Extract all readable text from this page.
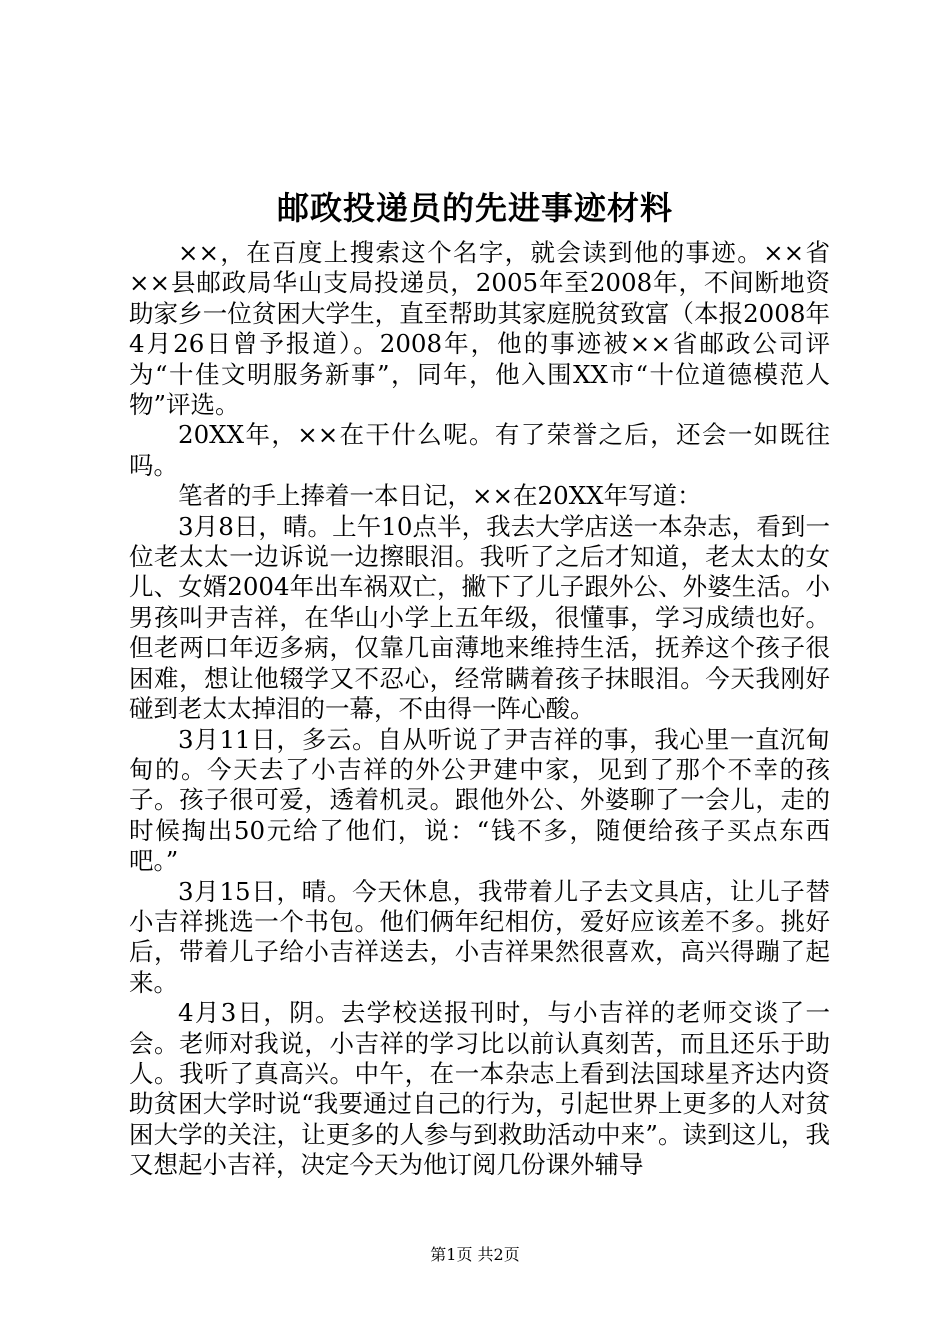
邮政投递员的先进事迹材料

××，在百度上搜索这个名字，就会读到他的事迹。××省××县邮政局华山支局投递员，2005年至2008年，不间断地资助家乡一位贫困大学生，直至帮助其家庭脱贫致富（本报2008年4月26日曾予报道）。2008年，他的事迹被××省邮政公司评为“十佳文明服务新事”，同年，他入围XX市“十位道德模范人物”评选。

20XX年，××在干什么呢。有了荣誉之后，还会一如既往吗。

笔者的手上捧着一本日记，××在20XX年写道：

3月8日，晴。上午10点半，我去大学店送一本杂志，看到一位老太太一边诉说一边擦眼泪。我听了之后才知道，老太太的女儿、女婿2004年出车祸双亡，撇下了儿子跟外公、外婆生活。小男孩叫尹吉祥，在华山小学上五年级，很懂事，学习成绩也好。但老两口年迈多病，仅靠几亩薄地来维持生活，抚养这个孩子很困难，想让他辍学又不忍心，经常瞒着孩子抹眼泪。今天我刚好碰到老太太掉泪的一幕，不由得一阵心酸。

3月11日，多云。自从听说了尹吉祥的事，我心里一直沉甸甸的。今天去了小吉祥的外公尹建中家，见到了那个不幸的孩子。孩子很可爱，透着机灵。跟他外公、外婆聊了一会儿，走的时候掏出50元给了他们，说：“钱不多，随便给孩子买点东西吧。”

3月15日，晴。今天休息，我带着儿子去文具店，让儿子替小吉祥挑选一个书包。他们俩年纪相仿，爱好应该差不多。挑好后，带着儿子给小吉祥送去，小吉祥果然很喜欢，高兴得蹦了起来。

4月3日，阴。去学校送报刊时，与小吉祥的老师交谈了一会。老师对我说，小吉祥的学习比以前认真刻苦，而且还乐于助人。我听了真高兴。中午，在一本杂志上看到法国球星齐达内资助贫困大学时说“我要通过自己的行为，引起世界上更多的人对贫困大学的关注，让更多的人参与到救助活动中来”。读到这儿，我又想起小吉祥，决定今天为他订阅几份课外辅导

第1页 共2页
